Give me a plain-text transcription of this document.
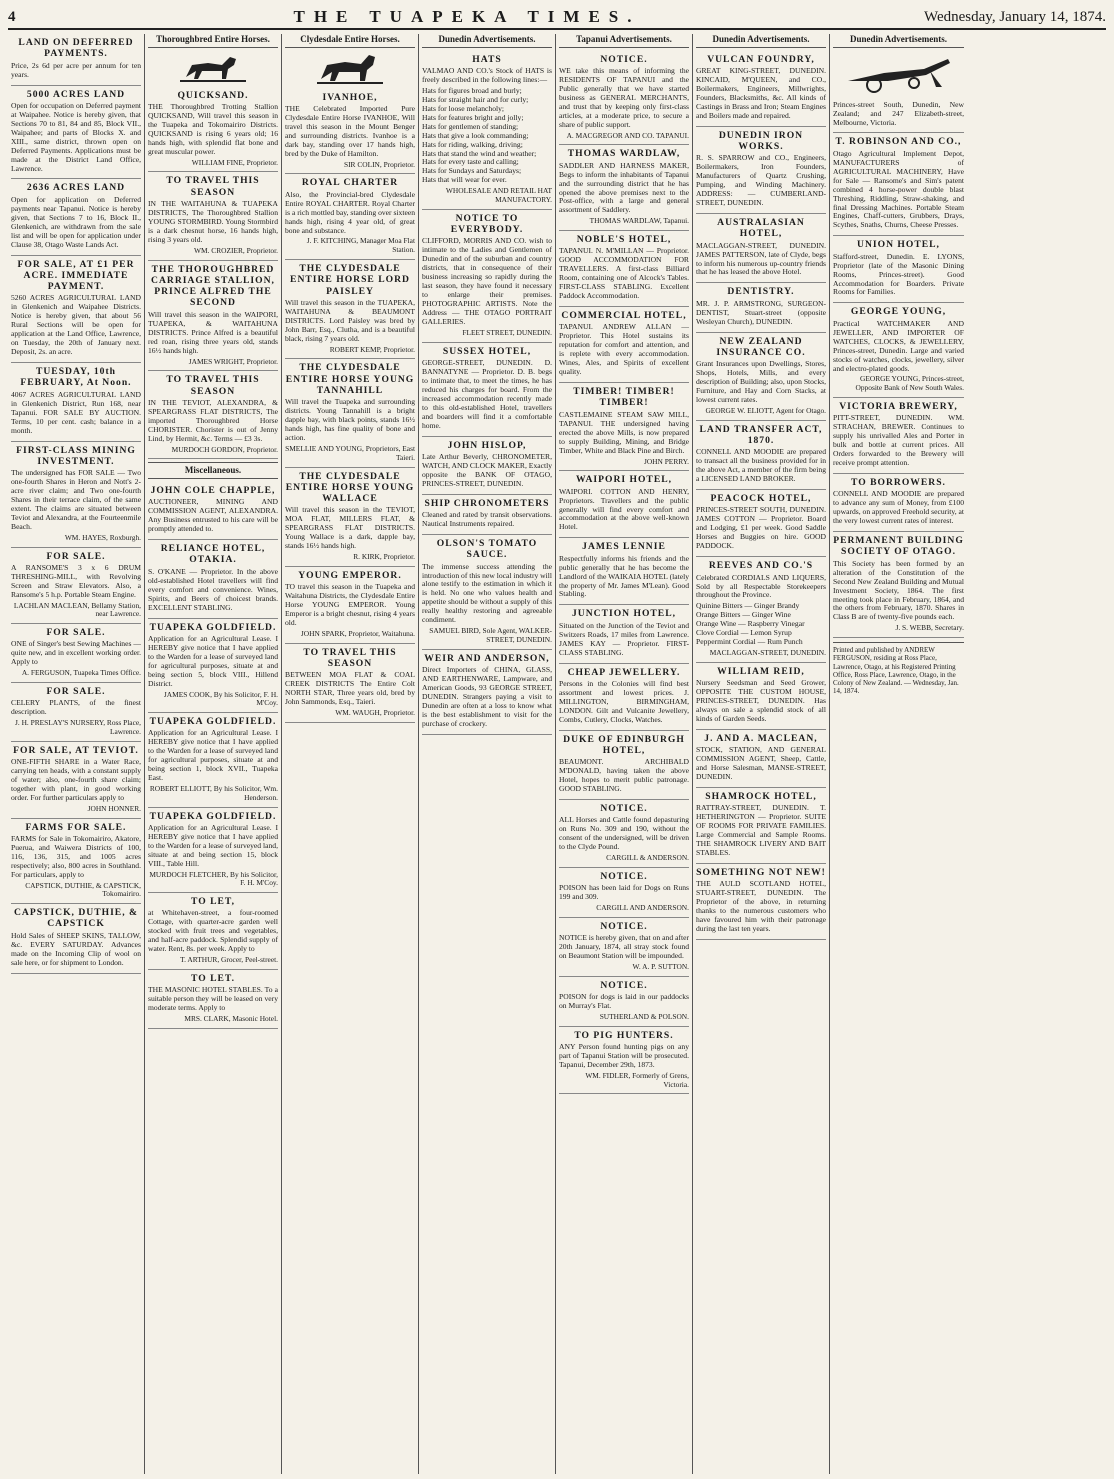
4	THE TUAPEKA TIMES.	Wednesday, January 14, 1874.
LAND ON DEFERRED PAYMENTS.

Price, 2s 6d per acre per annum for ten years.

5000 ACRES LAND

Open for occupation on Deferred payment at Waipahee. Notice is hereby given, that Sections 70 to 81, 84 and 85, Block VII., Waipahee; and parts of Blocks X. and XIII., same district, thrown open on Deferred Payments. Applications must be made at the District Land Office, Lawrence.

2636 ACRES LAND

Open for application on Deferred payments near Tapanui. Notice is hereby given, that Sections 7 to 16, Block II., Glenkenich, are withdrawn from the sale list and will be open for application under Clause 38, Otago Waste Lands Act.

FOR SALE, AT £1 PER ACRE. IMMEDIATE PAYMENT.

5260 ACRES AGRICULTURAL LAND in Glenkenich and Waipahee Districts. Notice is hereby given, that about 56 Rural Sections will be open for application at the Land Office, Lawrence, on Tuesday, the 20th of January next. Deposit, 2s. an acre.

TUESDAY, 10th FEBRUARY, At Noon.

4067 ACRES AGRICULTURAL LAND in Glenkenich District, Run 168, near Tapanui. FOR SALE BY AUCTION. Terms, 10 per cent. cash; balance in a month.

FIRST-CLASS MINING INVESTMENT.

The undersigned has FOR SALE — Two one-fourth Shares in Heron and Nott's 2-acre river claim; and Two one-fourth Shares in their terrace claim, of the same extent. The claims are situated between Teviot and Alexandra, at the Fourteenmile Beach.

WM. HAYES, Roxburgh.
FOR SALE.

A RANSOME'S 3 x 6 DRUM THRESHING-MILL, with Revolving Screen and Straw Elevators. Also, a Ransome's 5 h.p. Portable Steam Engine.

LACHLAN MACLEAN, Bellamy Station, near Lawrence.
FOR SALE.

ONE of Singer's best Sewing Machines — quite new, and in excellent working order. Apply to

A. FERGUSON, Tuapeka Times Office.
FOR SALE.

CELERY PLANTS, of the finest description.

J. H. PRESLAY'S NURSERY, Ross Place, Lawrence.
FOR SALE, AT TEVIOT.

ONE-FIFTH SHARE in a Water Race, carrying ten heads, with a constant supply of water; also, one-fourth share claim; together with plant, in good working order. For further particulars apply to

JOHN HONNER.
FARMS FOR SALE.

FARMS for Sale in Tokomairiro, Akatore, Puerua, and Waiwera Districts of 100, 116, 136, 315, and 1005 acres respectively; also, 800 acres in Southland. For particulars, apply to

CAPSTICK, DUTHIE, & CAPSTICK, Tokomairiro.
CAPSTICK, DUTHIE, & CAPSTICK

Hold Sales of SHEEP SKINS, TALLOW, &c. EVERY SATURDAY. Advances made on the Incoming Clip of wool on sale here, or for shipment to London.

Thoroughbred Entire Horses.
QUICKSAND.

THE Thoroughbred Trotting Stallion QUICKSAND, Will travel this season in the Tuapeka and Tokomairiro Districts. QUICKSAND is rising 6 years old; 16 hands high, with splendid flat bone and great muscular power.

WILLIAM FINE, Proprietor.
TO TRAVEL THIS SEASON

IN THE WAITAHUNA & TUAPEKA DISTRICTS, The Thoroughbred Stallion YOUNG STORMBIRD. Young Stormbird is a dark chesnut horse, 16 hands high, rising 3 years old.

WM. CROZIER, Proprietor.
THE THOROUGHBRED CARRIAGE STALLION, PRINCE ALFRED THE SECOND

Will travel this season in the WAIPORI, TUAPEKA, & WAITAHUNA DISTRICTS. Prince Alfred is a beautiful red roan, rising three years old, stands 16½ hands high.

JAMES WRIGHT, Proprietor.
TO TRAVEL THIS SEASON

IN THE TEVIOT, ALEXANDRA, & SPEARGRASS FLAT DISTRICTS, The imported Thoroughbred Horse CHORISTER. Chorister is out of Jenny Lind, by Hermit, &c. Terms — £3 3s.

MURDOCH GORDON, Proprietor.
Miscellaneous.
JOHN COLE CHAPPLE,

AUCTIONEER, MINING AND COMMISSION AGENT, ALEXANDRA. Any Business entrusted to his care will be promptly attended to.

RELIANCE HOTEL, OTAKIA.

S. O'KANE — Proprietor. In the above old-established Hotel travellers will find every comfort and convenience. Wines, Spirits, and Beers of choicest brands. EXCELLENT STABLING.

TUAPEKA GOLDFIELD.

Application for an Agricultural Lease. I HEREBY give notice that I have applied to the Warden for a lease of surveyed land for agricultural purposes, situate at and being section 5, block VIII., Hillend District.

JAMES COOK, By his Solicitor, F. H. M'Coy.
TUAPEKA GOLDFIELD.

Application for an Agricultural Lease. I HEREBY give notice that I have applied to the Warden for a lease of surveyed land for agricultural purposes, situate at and being section 1, block XVII., Tuapeka East.

ROBERT ELLIOTT, By his Solicitor, Wm. Henderson.
TUAPEKA GOLDFIELD.

Application for an Agricultural Lease. I HEREBY give notice that I have applied to the Warden for a lease of surveyed land, situate at and being section 15, block VIII., Table Hill.

MURDOCH FLETCHER, By his Solicitor, F. H. M'Coy.
TO LET,

at Whitehaven-street, a four-roomed Cottage, with quarter-acre garden well stocked with fruit trees and vegetables, and half-acre paddock. Splendid supply of water. Rent, 8s. per week. Apply to

T. ARTHUR, Grocer, Peel-street.
TO LET.

THE MASONIC HOTEL STABLES. To a suitable person they will be leased on very moderate terms. Apply to

MRS. CLARK, Masonic Hotel.
Clydesdale Entire Horses.
IVANHOE,

THE Celebrated Imported Pure Clydesdale Entire Horse IVANHOE, Will travel this season in the Mount Benger and surrounding districts. Ivanhoe is a dark bay, standing over 17 hands high, bred by the Duke of Hamilton.

SIR COLIN, Proprietor.
ROYAL CHARTER

Also, the Provincial-bred Clydesdale Entire ROYAL CHARTER. Royal Charter is a rich mottled bay, standing over sixteen hands high, rising 4 year old, of great bone and substance.

J. F. KITCHING, Manager Moa Flat Station.
THE CLYDESDALE ENTIRE HORSE LORD PAISLEY

Will travel this season in the TUAPEKA, WAITAHUNA & BEAUMONT DISTRICTS. Lord Paisley was bred by John Barr, Esq., Clutha, and is a beautiful black, rising 7 years old.

ROBERT KEMP, Proprietor.
THE CLYDESDALE ENTIRE HORSE YOUNG TANNAHILL

Will travel the Tuapeka and surrounding districts. Young Tannahill is a bright dapple bay, with black points, stands 16½ hands high, has fine quality of bone and action.

SMELLIE AND YOUNG, Proprietors, East Taieri.
THE CLYDESDALE ENTIRE HORSE YOUNG WALLACE

Will travel this season in the TEVIOT, MOA FLAT, MILLERS FLAT, & SPEARGRASS FLAT DISTRICTS. Young Wallace is a dark, dapple bay, stands 16½ hands high.

R. KIRK, Proprietor.
YOUNG EMPEROR.

TO travel this season in the Tuapeka and Waitahuna Districts, the Clydesdale Entire Horse YOUNG EMPEROR. Young Emperor is a bright chesnut, rising 4 years old.

JOHN SPARK, Proprietor, Waitahuna.
TO TRAVEL THIS SEASON

BETWEEN MOA FLAT & COAL CREEK DISTRICTS The Entire Colt NORTH STAR, Three years old, bred by John Sammonds, Esq., Taieri.

WM. WAUGH, Proprietor.
Dunedin Advertisements.
HATS

VALMAO AND CO.'s Stock of HATS is freely described in the following lines:—

Hats for figures broad and burly;
Hats for straight hair and for curly;
Hats for loose melancholy;
Hats for features bright and jolly;
Hats for gentlemen of standing;
Hats that give a look commanding;
Hats for riding, walking, driving;
Hats that stand the wind and weather;
Hats for every taste and calling;
Hats for Sundays and Saturdays;
Hats that will wear for ever.
WHOLESALE AND RETAIL HAT MANUFACTORY.
NOTICE TO EVERYBODY.

CLIFFORD, MORRIS AND CO. wish to intimate to the Ladies and Gentlemen of Dunedin and of the suburban and country districts, that in consequence of their business increasing so rapidly during the last season, they have found it necessary to enlarge their premises. PHOTOGRAPHIC ARTISTS. Note the Address — THE OTAGO PORTRAIT GALLERIES.

FLEET STREET, DUNEDIN.
SUSSEX HOTEL,

GEORGE-STREET, DUNEDIN. D. BANNATYNE — Proprietor. D. B. begs to intimate that, to meet the times, he has reduced his charges for board. From the increased accommodation recently made to this old-established Hotel, travellers and boarders will find it a comfortable home.

JOHN HISLOP,

Late Arthur Beverly, CHRONOMETER, WATCH, AND CLOCK MAKER, Exactly opposite the BANK OF OTAGO, PRINCES-STREET, DUNEDIN.

SHIP CHRONOMETERS

Cleaned and rated by transit observations. Nautical Instruments repaired.

OLSON'S TOMATO SAUCE.

The immense success attending the introduction of this new local industry will alone testify to the estimation in which it is held. No one who values health and appetite should be without a supply of this really healthy restoring and agreeable condiment.

SAMUEL BIRD, Sole Agent, WALKER-STREET, DUNEDIN.
WEIR AND ANDERSON,

Direct Importers of CHINA, GLASS, AND EARTHENWARE, Lampware, and American Goods, 93 GEORGE STREET, DUNEDIN. Strangers paying a visit to Dunedin are often at a loss to know what is the best establishment to visit for the purchase of crockery.

Tapanui Advertisements.
NOTICE.

WE take this means of informing the RESIDENTS OF TAPANUI and the Public generally that we have started business as GENERAL MERCHANTS, and trust that by keeping only first-class articles, at a moderate price, to secure a share of public support.

A. MACGREGOR AND CO. TAPANUI.
THOMAS WARDLAW,

SADDLER AND HARNESS MAKER, Begs to inform the inhabitants of Tapanui and the surrounding district that he has opened the above premises next to the Post-office, with a large and general assortment of Saddlery.

THOMAS WARDLAW, Tapanui.
NOBLE'S HOTEL,

TAPANUI. N. M'MILLAN — Proprietor. GOOD ACCOMMODATION FOR TRAVELLERS. A first-class Billiard Room, containing one of Alcock's Tables. FIRST-CLASS STABLING. Excellent Paddock Accommodation.

COMMERCIAL HOTEL,

TAPANUI. ANDREW ALLAN — Proprietor. This Hotel sustains its reputation for comfort and attention, and is replete with every accommodation. Wines, Ales, and Spirits of excellent quality.

TIMBER! TIMBER! TIMBER!

CASTLEMAINE STEAM SAW MILL, TAPANUI. THE undersigned having erected the above Mills, is now prepared to supply Building, Mining, and Bridge Timber, White and Black Pine and Birch.

JOHN PERRY.
WAIPORI HOTEL,

WAIPORI. COTTON AND HENRY, Proprietors. Travellers and the public generally will find every comfort and accommodation at the above well-known Hotel.

JAMES LENNIE

Respectfully informs his friends and the public generally that he has become the Landlord of the WAIKAIA HOTEL (lately the property of Mr. James M'Lean). Good Stabling.

JUNCTION HOTEL,

Situated on the Junction of the Teviot and Switzers Roads, 17 miles from Lawrence. JAMES KAY — Proprietor. FIRST-CLASS STABLING.

CHEAP JEWELLERY.

Persons in the Colonies will find best assortment and lowest prices. J. MILLINGTON, BIRMINGHAM, LONDON. Gilt and Vulcanite Jewellery, Combs, Cutlery, Clocks, Watches.

DUKE OF EDINBURGH HOTEL,

BEAUMONT. ARCHIBALD M'DONALD, having taken the above Hotel, hopes to merit public patronage. GOOD STABLING.

NOTICE.

ALL Horses and Cattle found depasturing on Runs No. 309 and 190, without the consent of the undersigned, will be driven to the Clyde Pound.

CARGILL & ANDERSON.
NOTICE.

POISON has been laid for Dogs on Runs 199 and 309.

CARGILL AND ANDERSON.
NOTICE.

NOTICE is hereby given, that on and after 20th January, 1874, all stray stock found on Beaumont Station will be impounded.

W. A. P. SUTTON.
NOTICE.

POISON for dogs is laid in our paddocks on Murray's Flat.

SUTHERLAND & POLSON.
TO PIG HUNTERS.

ANY Person found hunting pigs on any part of Tapanui Station will be prosecuted. Tapanui, December 29th, 1873.

WM. FIDLER, Formerly of Grens, Victoria.
Dunedin Advertisements.
VULCAN FOUNDRY,

GREAT KING-STREET, DUNEDIN. KINCAID, M'QUEEN, and CO., Boilermakers, Engineers, Millwrights, Founders, Blacksmiths, &c. All kinds of Castings in Brass and Iron; Steam Engines and Boilers made and repaired.

DUNEDIN IRON WORKS.

R. S. SPARROW and CO., Engineers, Boilermakers, Iron Founders, Manufacturers of Quartz Crushing, Pumping, and Winding Machinery. ADDRESS: — CUMBERLAND-STREET, DUNEDIN.

AUSTRALASIAN HOTEL,

MACLAGGAN-STREET, DUNEDIN. JAMES PATTERSON, late of Clyde, begs to inform his numerous up-country friends that he has leased the above Hotel.

DENTISTRY.

MR. J. P. ARMSTRONG, SURGEON-DENTIST, Stuart-street (opposite Wesleyan Church), DUNEDIN.

NEW ZEALAND INSURANCE CO.

Grant Insurances upon Dwellings, Stores, Shops, Hotels, Mills, and every description of Building; also, upon Stocks, Furniture, and Hay and Corn Stacks, at lowest current rates.

GEORGE W. ELIOTT, Agent for Otago.
LAND TRANSFER ACT, 1870.

CONNELL AND MOODIE are prepared to transact all the business provided for in the above Act, a member of the firm being a LICENSED LAND BROKER.

PEACOCK HOTEL,

PRINCES-STREET SOUTH, DUNEDIN. JAMES COTTON — Proprietor. Board and Lodging, £1 per week. Good Saddle Horses and Buggies on hire. GOOD PADDOCK.

REEVES AND CO.'S

Celebrated CORDIALS AND LIQUERS, Sold by all Respectable Storekeepers throughout the Province.

Quinine Bitters — Ginger Brandy
Orange Bitters — Ginger Wine
Orange Wine — Raspberry Vinegar
Clove Cordial — Lemon Syrup
Peppermint Cordial — Rum Punch
MACLAGGAN-STREET, DUNEDIN.
WILLIAM REID,

Nursery Seedsman and Seed Grower, OPPOSITE THE CUSTOM HOUSE, PRINCES-STREET, DUNEDIN. Has always on sale a splendid stock of all kinds of Garden Seeds.

J. AND A. MACLEAN,

STOCK, STATION, AND GENERAL COMMISSION AGENT, Sheep, Cattle, and Horse Salesman, MANSE-STREET, DUNEDIN.

SHAMROCK HOTEL,

RATTRAY-STREET, DUNEDIN. T. HETHERINGTON — Proprietor. SUITE OF ROOMS FOR PRIVATE FAMILIES. Large Commercial and Sample Rooms. THE SHAMROCK LIVERY AND BAIT STABLES.

SOMETHING NOT NEW!

THE AULD SCOTLAND HOTEL, STUART-STREET, DUNEDIN. The Proprietor of the above, in returning thanks to the numerous customers who have favoured him with their patronage during the last ten years.

Dunedin Advertisements.

Princes-street South, Dunedin, New Zealand; and 247 Elizabeth-street, Melbourne, Victoria.

T. ROBINSON AND CO.,

Otago Agricultural Implement Depot, MANUFACTURERS of AGRICULTURAL MACHINERY, Have for Sale — Ransome's and Sim's patent combined 4 horse-power double blast Threshing, Riddling, Straw-shaking, and final Dressing Machines. Portable Steam Engines, Chaff-cutters, Grubbers, Drays, Scythes, Snaths, Churns, Cheese Presses.

UNION HOTEL,

Stafford-street, Dunedin. E. LYONS, Proprietor (late of the Masonic Dining Rooms, Princes-street). Good Accommodation for Boarders. Private Rooms for Families.

GEORGE YOUNG,

Practical WATCHMAKER AND JEWELLER, AND IMPORTER OF WATCHES, CLOCKS, & JEWELLERY, Princes-street, Dunedin. Large and varied stocks of watches, clocks, jewellery, silver and electro-plated goods.

GEORGE YOUNG, Princes-street, Opposite Bank of New South Wales.
VICTORIA BREWERY,

PITT-STREET, DUNEDIN. WM. STRACHAN, BREWER. Continues to supply his unrivalled Ales and Porter in bulk and bottle at current prices. All Orders forwarded to the Brewery will receive prompt attention.

TO BORROWERS.

CONNELL AND MOODIE are prepared to advance any sum of Money, from £100 upwards, on approved Freehold security, at the very lowest current rates of interest.

PERMANENT BUILDING SOCIETY OF OTAGO.

This Society has been formed by an alteration of the Constitution of the Second New Zealand Building and Mutual Investment Society, 1864. The first meeting took place in February, 1864, and the others from February, 1870. Shares in Class B are of twenty-five pounds each.

J. S. WEBB, Secretary.
Printed and published by ANDREW FERGUSON, residing at Ross Place, Lawrence, Otago, at his Registered Printing Office, Ross Place, Lawrence, Otago, in the Colony of New Zealand. — Wednesday, Jan. 14, 1874.
